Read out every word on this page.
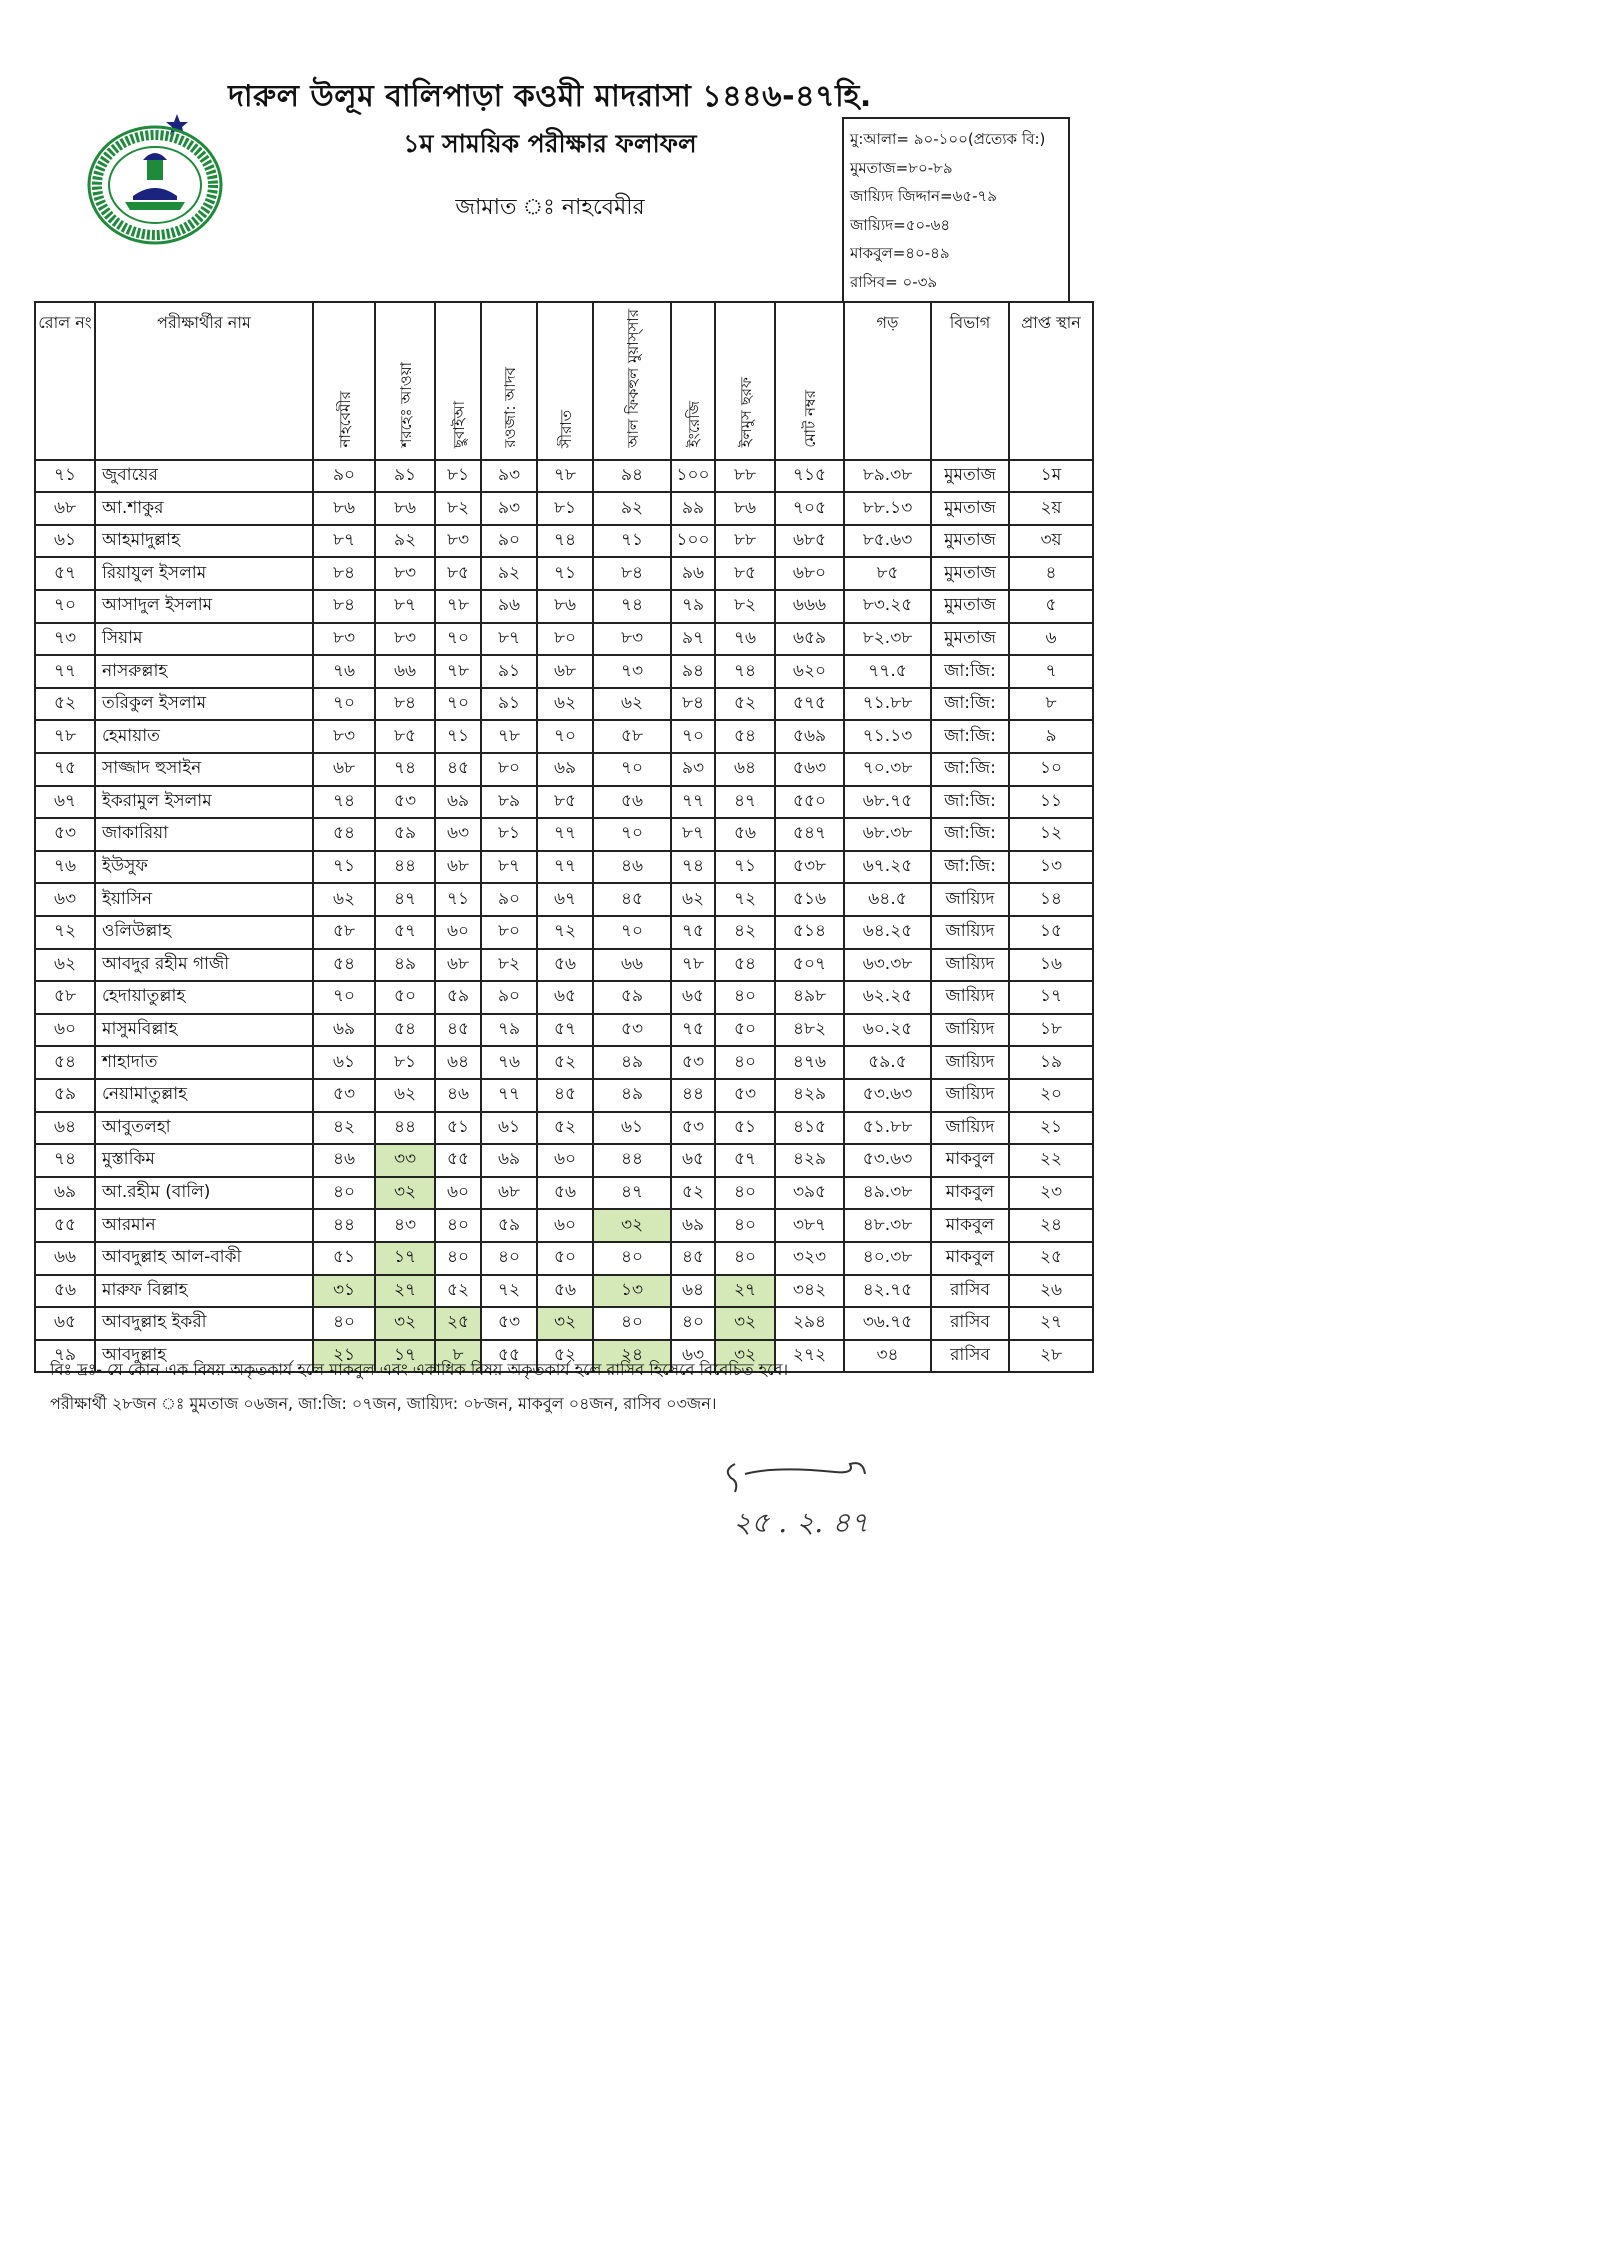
দারুল উলূম বালিপাড়া কওমী মাদরাসা ১৪৪৬-৪৭হি.
১ম সাময়িক পরীক্ষার ফলাফল
জামাত ঃ নাহবেমীর
মু:আলা= ৯০-১০০(প্রত্যেক বি:)
মুমতাজ=৮০-৮৯
জায়্যিদ জিদ্দান=৬৫-৭৯
জায়্যিদ=৫০-৬৪
মাকবুল=৪০-৪৯
রাসিব= ০-৩৯
রোল নং	পরীক্ষার্থীর নাম	নাহবেমীর	শরহেঃ আওয়া	ছুবাইআ	রওজা: আদব	সীরাত	আল ফিকহুল মুয়াস্সার	ইংরেজি	ইলমুস ছরফ	মোট নম্বর	গড়	বিভাগ	প্রাপ্ত স্থান
৭১	জুবায়ের	৯০	৯১	৮১	৯৩	৭৮	৯৪	১০০	৮৮	৭১৫	৮৯.৩৮	মুমতাজ	১ম
৬৮	আ.শাকুর	৮৬	৮৬	৮২	৯৩	৮১	৯২	৯৯	৮৬	৭০৫	৮৮.১৩	মুমতাজ	২য়
৬১	আহমাদুল্লাহ	৮৭	৯২	৮৩	৯০	৭৪	৭১	১০০	৮৮	৬৮৫	৮৫.৬৩	মুমতাজ	৩য়
৫৭	রিয়াযুল ইসলাম	৮৪	৮৩	৮৫	৯২	৭১	৮৪	৯৬	৮৫	৬৮০	৮৫	মুমতাজ	৪
৭০	আসাদুল ইসলাম	৮৪	৮৭	৭৮	৯৬	৮৬	৭৪	৭৯	৮২	৬৬৬	৮৩.২৫	মুমতাজ	৫
৭৩	সিয়াম	৮৩	৮৩	৭০	৮৭	৮০	৮৩	৯৭	৭৬	৬৫৯	৮২.৩৮	মুমতাজ	৬
৭৭	নাসরুল্লাহ	৭৬	৬৬	৭৮	৯১	৬৮	৭৩	৯৪	৭৪	৬২০	৭৭.৫	জা:জি:	৭
৫২	তরিকুল ইসলাম	৭০	৮৪	৭০	৯১	৬২	৬২	৮৪	৫২	৫৭৫	৭১.৮৮	জা:জি:	৮
৭৮	হেমায়াত	৮৩	৮৫	৭১	৭৮	৭০	৫৮	৭০	৫৪	৫৬৯	৭১.১৩	জা:জি:	৯
৭৫	সাজ্জাদ হুসাইন	৬৮	৭৪	৪৫	৮০	৬৯	৭০	৯৩	৬৪	৫৬৩	৭০.৩৮	জা:জি:	১০
৬৭	ইকরামুল ইসলাম	৭৪	৫৩	৬৯	৮৯	৮৫	৫৬	৭৭	৪৭	৫৫০	৬৮.৭৫	জা:জি:	১১
৫৩	জাকারিয়া	৫৪	৫৯	৬৩	৮১	৭৭	৭০	৮৭	৫৬	৫৪৭	৬৮.৩৮	জা:জি:	১২
৭৬	ইউসুফ	৭১	৪৪	৬৮	৮৭	৭৭	৪৬	৭৪	৭১	৫৩৮	৬৭.২৫	জা:জি:	১৩
৬৩	ইয়াসিন	৬২	৪৭	৭১	৯০	৬৭	৪৫	৬২	৭২	৫১৬	৬৪.৫	জায়্যিদ	১৪
৭২	ওলিউল্লাহ	৫৮	৫৭	৬০	৮০	৭২	৭০	৭৫	৪২	৫১৪	৬৪.২৫	জায়্যিদ	১৫
৬২	আবদুর রহীম গাজী	৫৪	৪৯	৬৮	৮২	৫৬	৬৬	৭৮	৫৪	৫০৭	৬৩.৩৮	জায়্যিদ	১৬
৫৮	হেদায়াতুল্লাহ	৭০	৫০	৫৯	৯০	৬৫	৫৯	৬৫	৪০	৪৯৮	৬২.২৫	জায়্যিদ	১৭
৬০	মাসুমবিল্লাহ	৬৯	৫৪	৪৫	৭৯	৫৭	৫৩	৭৫	৫০	৪৮২	৬০.২৫	জায়্যিদ	১৮
৫৪	শাহাদাত	৬১	৮১	৬৪	৭৬	৫২	৪৯	৫৩	৪০	৪৭৬	৫৯.৫	জায়্যিদ	১৯
৫৯	নেয়ামাতুল্লাহ	৫৩	৬২	৪৬	৭৭	৪৫	৪৯	৪৪	৫৩	৪২৯	৫৩.৬৩	জায়্যিদ	২০
৬৪	আবুতলহা	৪২	৪৪	৫১	৬১	৫২	৬১	৫৩	৫১	৪১৫	৫১.৮৮	জায়্যিদ	২১
৭৪	মুস্তাকিম	৪৬	৩৩	৫৫	৬৯	৬০	৪৪	৬৫	৫৭	৪২৯	৫৩.৬৩	মাকবুল	২২
৬৯	আ.রহীম (বালি)	৪০	৩২	৬০	৬৮	৫৬	৪৭	৫২	৪০	৩৯৫	৪৯.৩৮	মাকবুল	২৩
৫৫	আরমান	৪৪	৪৩	৪০	৫৯	৬০	৩২	৬৯	৪০	৩৮৭	৪৮.৩৮	মাকবুল	২৪
৬৬	আবদুল্লাহ আল-বাকী	৫১	১৭	৪০	৪০	৫০	৪০	৪৫	৪০	৩২৩	৪০.৩৮	মাকবুল	২৫
৫৬	মারুফ বিল্লাহ	৩১	২৭	৫২	৭২	৫৬	১৩	৬৪	২৭	৩৪২	৪২.৭৫	রাসিব	২৬
৬৫	আবদুল্লাহ ইকরী	৪০	৩২	২৫	৫৩	৩২	৪০	৪০	৩২	২৯৪	৩৬.৭৫	রাসিব	২৭
৭৯	আবদুল্লাহ	২১	১৭	৮	৫৫	৫২	২৪	৬৩	৩২	২৭২	৩৪	রাসিব	২৮
বিঃ দ্রঃ- যে কোন এক বিষয় অকৃতকার্য হলে মাকবুল এবং একাধিক বিষয় অকৃতকার্য হলে রাসিব হিসেবে বিবেচিত হবে।
পরীক্ষার্থী ২৮জন ঃ মুমতাজ ০৬জন, জা:জি: ০৭জন, জায়্যিদ: ০৮জন, মাকবুল ০৪জন, রাসিব ০৩জন।
২৫ . ২. ৪৭
